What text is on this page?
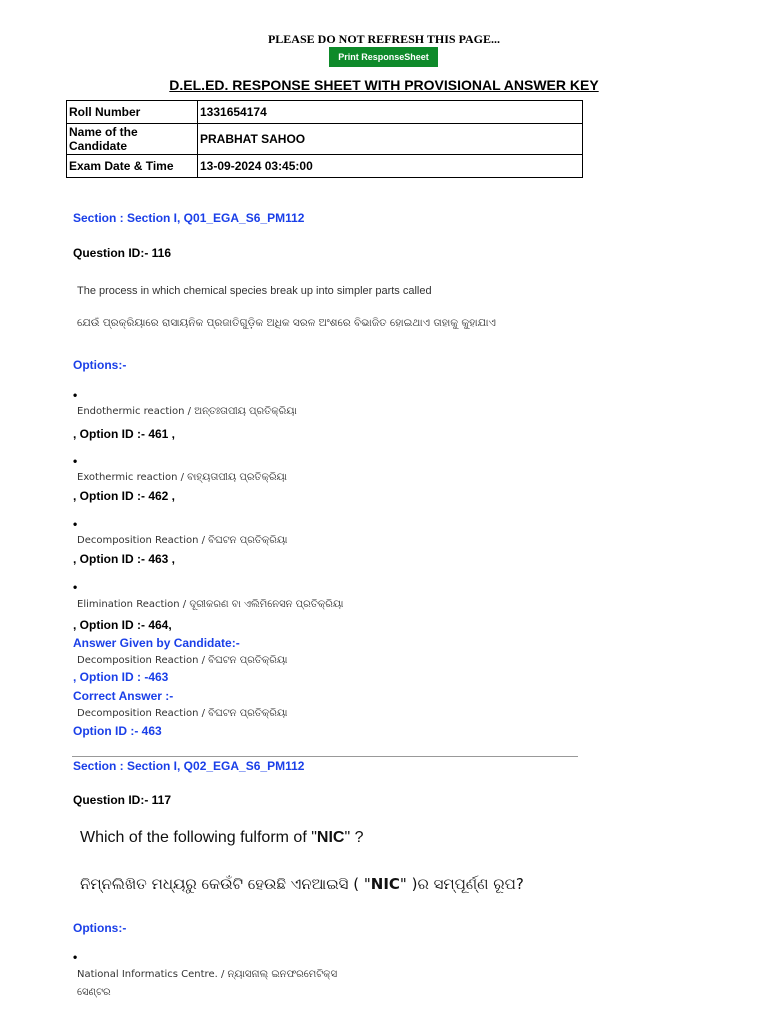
PLEASE DO NOT REFRESH THIS PAGE...
Print ResponseSheet
D.EL.ED. RESPONSE SHEET WITH PROVISIONAL ANSWER KEY
Roll Number	1331654174
Name of the Candidate	PRABHAT SAHOO
Exam Date & Time	13-09-2024 03:45:00
Section : Section I, Q01_EGA_S6_PM112
Question ID:- 116
The process in which chemical species break up into simpler parts called
ଯେଉଁ ପ୍ରକ୍ରିୟାରେ ରାସାୟନିକ ପ୍ରଜାତିଗୁଡ଼ିକ ଅଧିକ ସରଳ ଅଂଶରେ ବିଭାଜିତ ହୋଇଥାଏ ତାହାକୁ କୁହାଯାଏ
Options:-
•
Endothermic reaction / ଅନ୍ତଃତାପୀୟ ପ୍ରତିକ୍ରିୟା
, Option ID :- 461 ,
•
Exothermic reaction / ବାହ୍ୟତାପୀୟ ପ୍ରତିକ୍ରିୟା
, Option ID :- 462 ,
•
Decomposition Reaction / ବିଘଟନ ପ୍ରତିକ୍ରିୟା
, Option ID :- 463 ,
•
Elimination Reaction / ଦୂରୀକରଣ ବା ଏଲିମିନେସନ ପ୍ରତିକ୍ରିୟା
, Option ID :- 464,
Answer Given by Candidate:-
Decomposition Reaction / ବିଘଟନ ପ୍ରତିକ୍ରିୟା
, Option ID : -463
Correct Answer :-
Decomposition Reaction / ବିଘଟନ ପ୍ରତିକ୍ରିୟା
Option ID :- 463
Section : Section I, Q02_EGA_S6_PM112
Question ID:- 117
Which of the following fulform of "NIC" ?
ନିମ୍ନଲିଖିତ ମଧ୍ୟରୁ କେଉଁଟି ହେଉଛି ଏନଆଇସି ( "NIC" )ର ସମ୍ପୂର୍ଣ୍ଣ ରୂପ?
Options:-
•
National Informatics Centre. / ନ୍ୟାସନାଲ୍ ଇନଫରମେଟିକ୍ସ
ସେଣ୍ଟର
